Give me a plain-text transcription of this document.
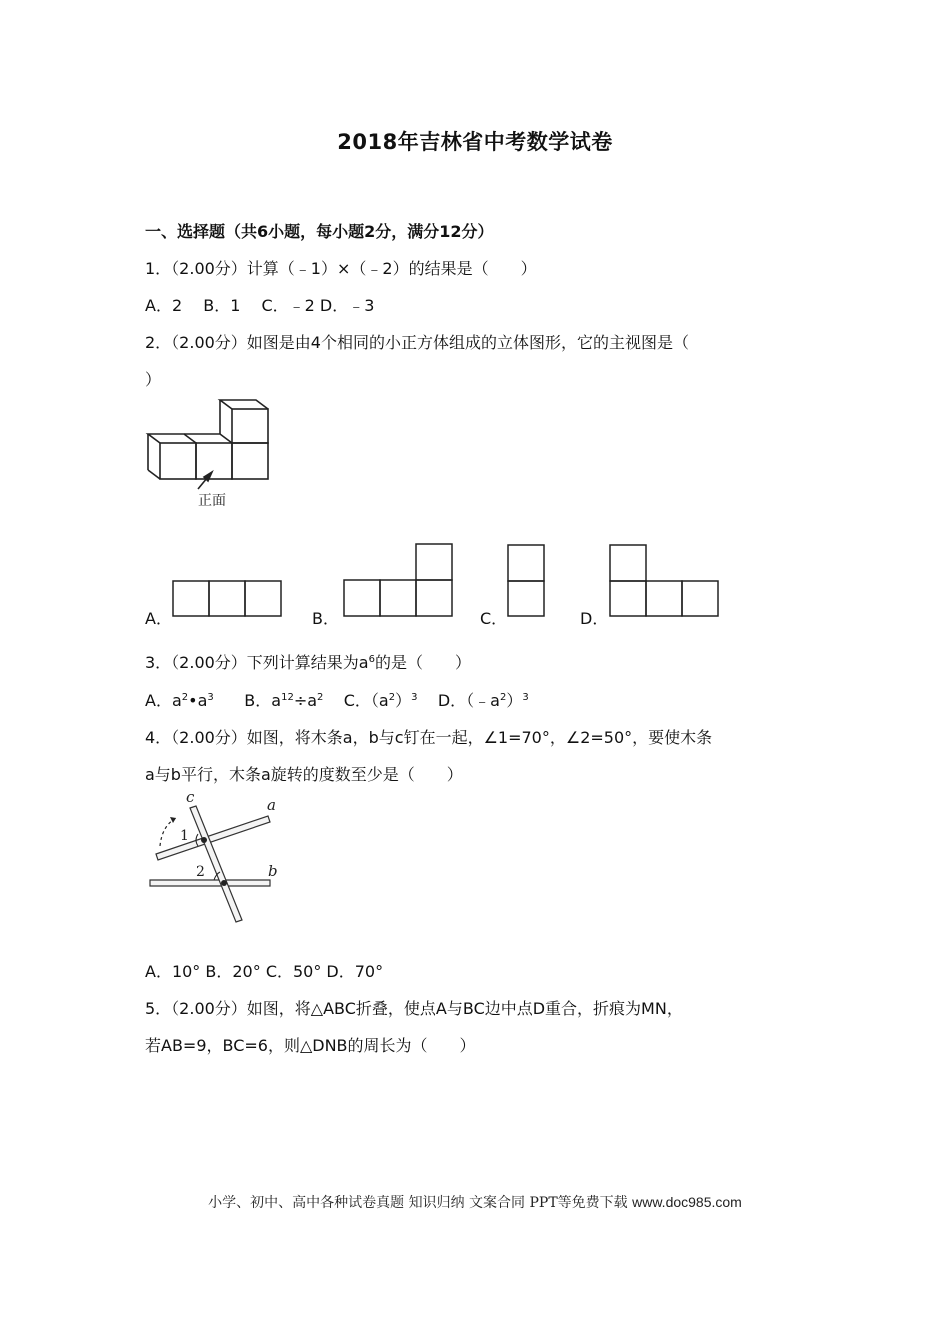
2018年吉林省中考数学试卷
一、选择题（共6小题，每小题2分，满分12分）
1．（2.00分）计算（﹣1）×（﹣2）的结果是（　　）
A．2　 B．1　 C．﹣2 D．﹣3
2．（2.00分）如图是由4个相同的小正方体组成的立体图形，它的主视图是（
）
正面
A．	B．	C．	D．
3．（2.00分）下列计算结果为$a^6$的是（　　）
A．$a^2•a^3$ B．$a^{12}\div a^2$ C．$(a^2)^3$ D．$(﹣a^2)^3$
4．（2.00分）如图，将木条a，b与c钉在一起，∠1=70°，∠2=50°，要使木条
a与b平行，木条a旋转的度数至少是（　　）
c	a
b
1
2
A．10° B．20° C．50° D．70°
5．（2.00分）如图，将△ABC折叠，使点A与BC边中点D重合，折痕为MN，
若AB=9，BC=6，则△DNB的周长为（　　）
小学、初中、高中各种试卷真题 知识归纳 文案合同 PPT等免费下载 www.doc985.com
